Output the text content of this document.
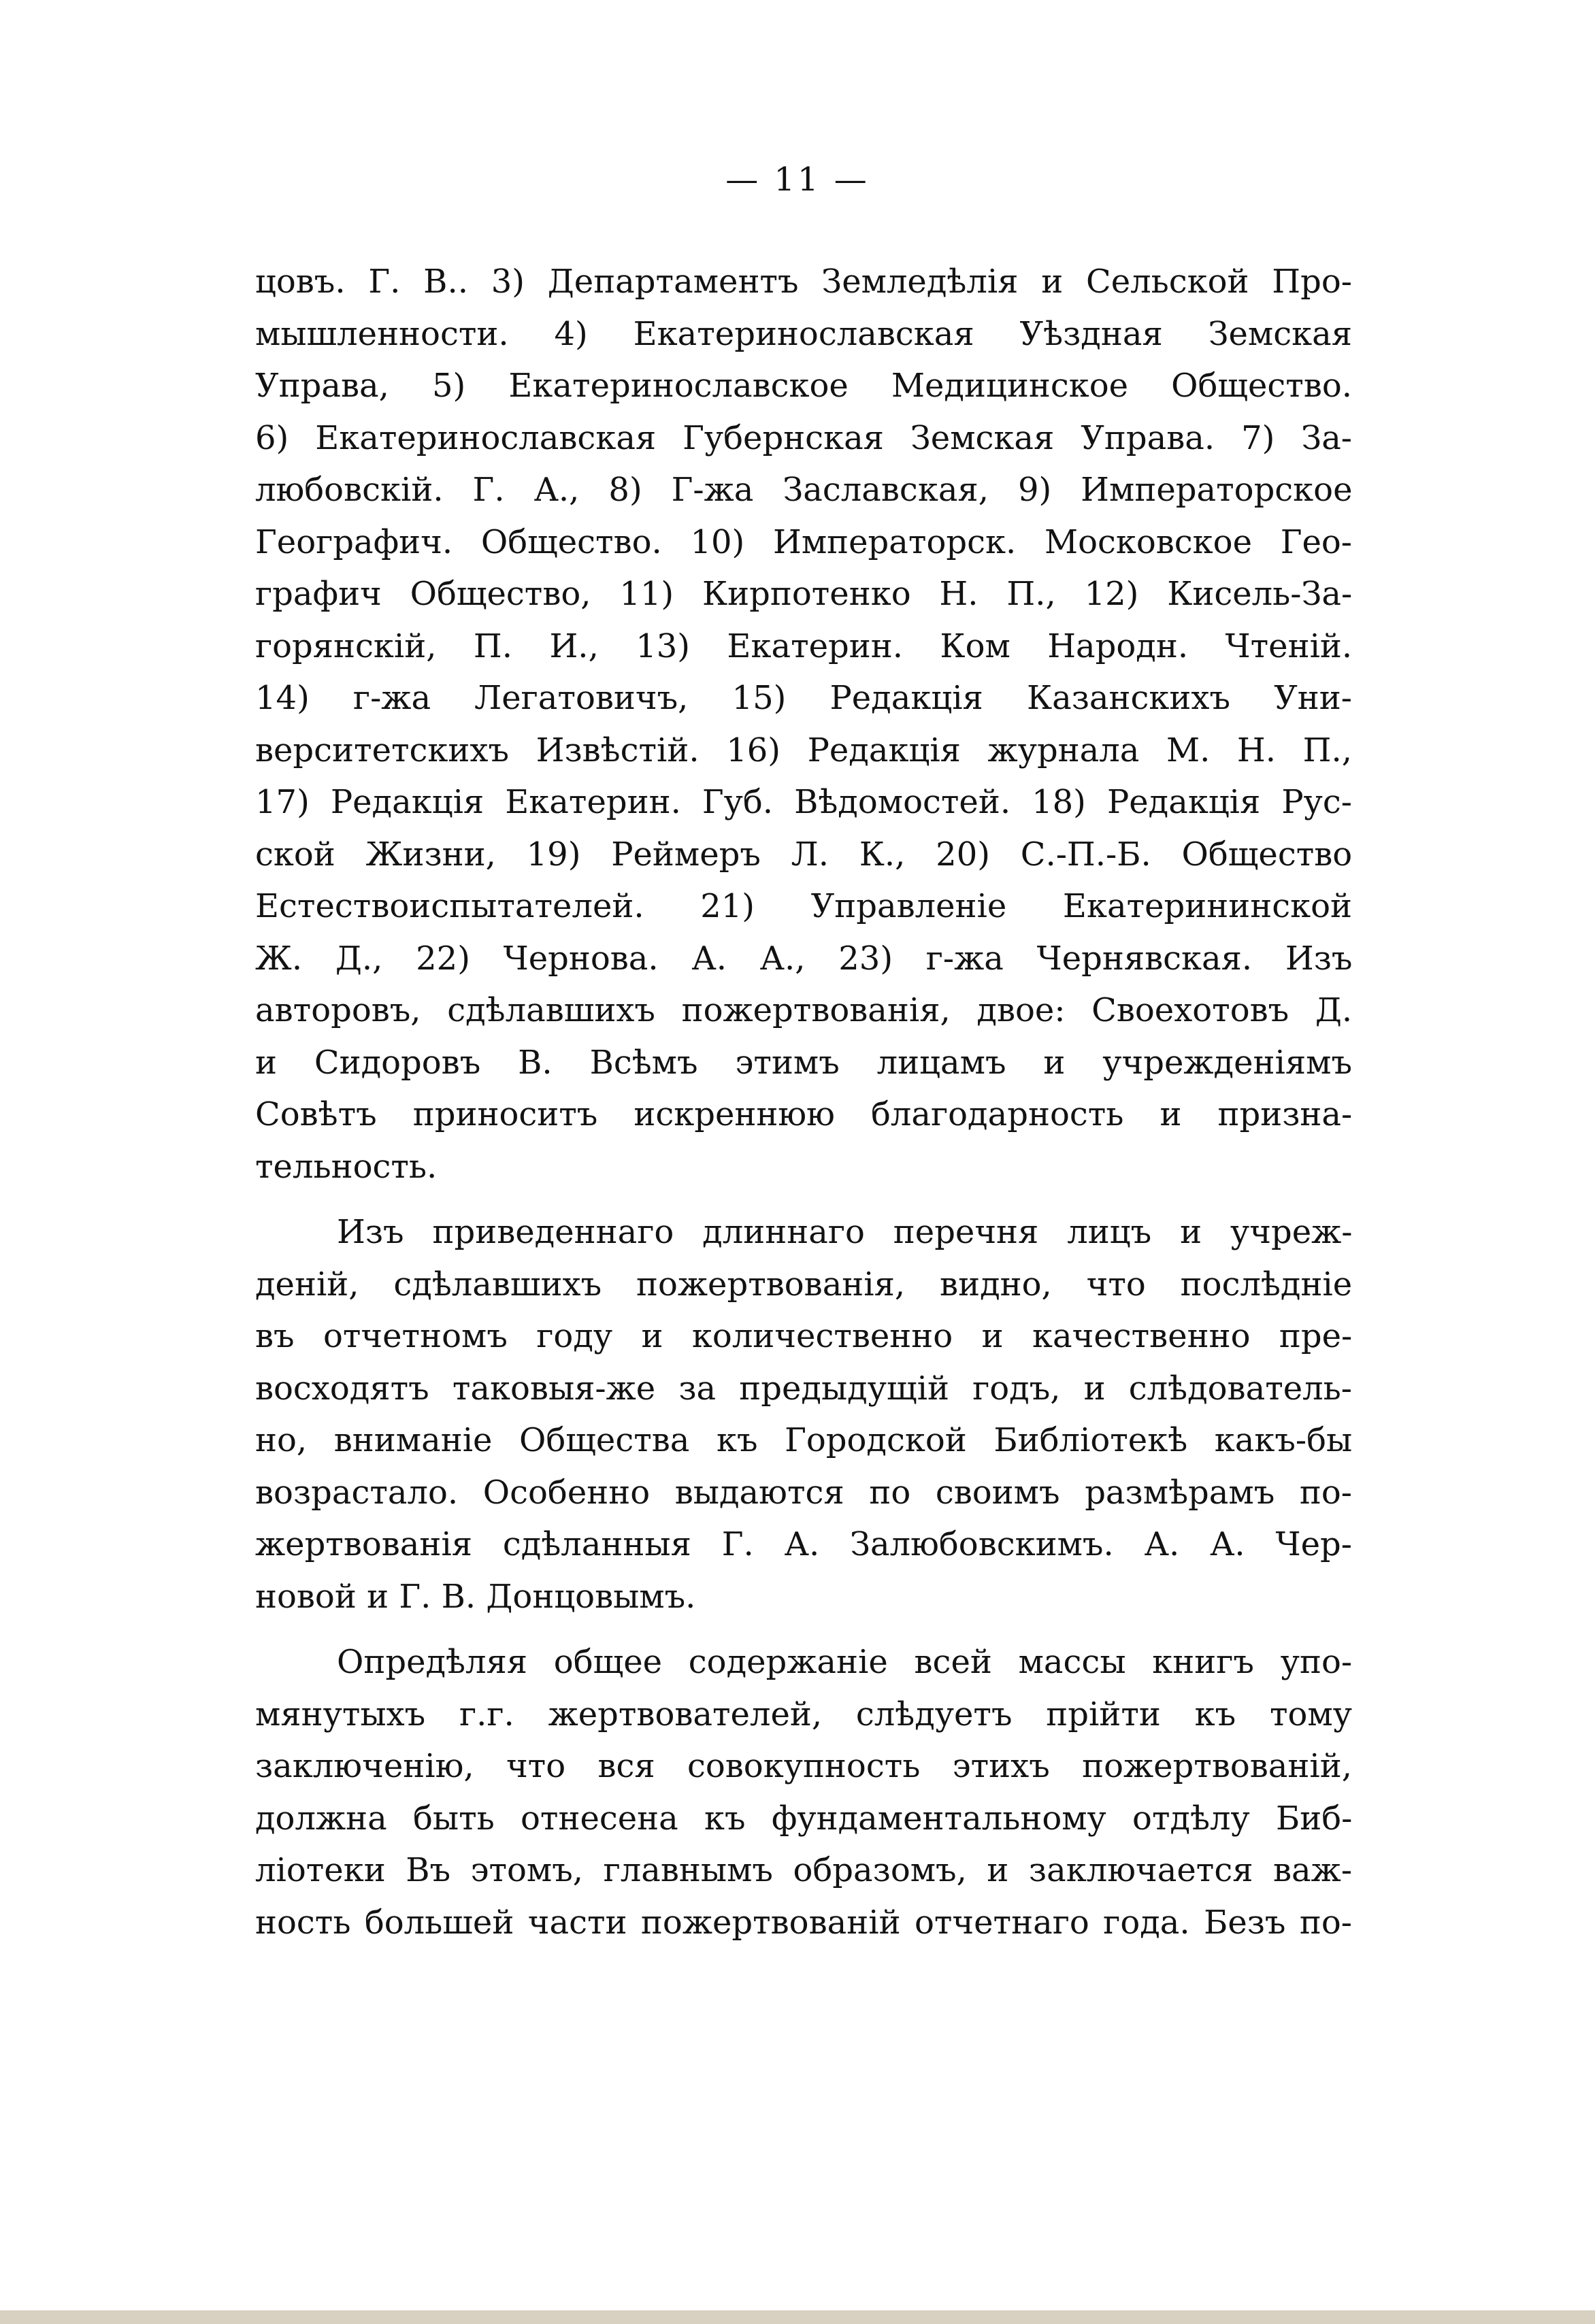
— 11 —
цовъ. Г. В.. 3) Департаментъ Земледѣлія и Сельской Про-
мышленности. 4) Екатеринославская Уѣздная Земская
Управа, 5) Екатеринославское Медицинское Общество.
6) Екатеринославская Губернская Земская Управа. 7) За-
любовскій. Г. А., 8) Г-жа Заславская, 9) Императорское
Географич. Общество. 10) Императорск. Московское Гео-
графич Общество, 11) Кирпотенко Н. П., 12) Кисель-За-
горянскій, П. И., 13) Екатерин. Ком Народн. Чтеній.
14) г-жа Легатовичъ, 15) Редакція Казанскихъ Уни-
верситетскихъ Извѣстій. 16) Редакція журнала М. Н. П.,
17) Редакція Екатерин. Губ. Вѣдомостей. 18) Редакція Рус-
ской Жизни, 19) Реймеръ Л. К., 20) С.-П.-Б. Общество
Естествоиспытателей. 21) Управленіе Екатерининской
Ж. Д., 22) Чернова. А. А., 23) г-жа Чернявская. Изъ
авторовъ, сдѣлавшихъ пожертвованія, двое: Своехотовъ Д.
и Сидоровъ В. Всѣмъ этимъ лицамъ и учрежденіямъ
Совѣтъ приноситъ искреннюю благодарность и призна-
тельность.
Изъ приведеннаго длиннаго перечня лицъ и учреж-
деній, сдѣлавшихъ пожертвованія, видно, что послѣдніе
въ отчетномъ году и количественно и качественно пре-
восходятъ таковыя-же за предыдущій годъ, и слѣдователь-
но, вниманіе Общества къ Городской Библіотекѣ какъ-бы
возрастало. Особенно выдаются по своимъ размѣрамъ по-
жертвованія сдѣланныя Г. А. Залюбовскимъ. А. А. Чер-
новой и Г. В. Донцовымъ.
Опредѣляя общее содержаніе всей массы книгъ упо-
мянутыхъ г.г. жертвователей, слѣдуетъ прійти къ тому
заключенію, что вся совокупность этихъ пожертвованій,
должна быть отнесена къ фундаментальному отдѣлу Биб-
ліотеки Въ этомъ, главнымъ образомъ, и заключается важ-
ность большей части пожертвованій отчетнаго года. Безъ по-
